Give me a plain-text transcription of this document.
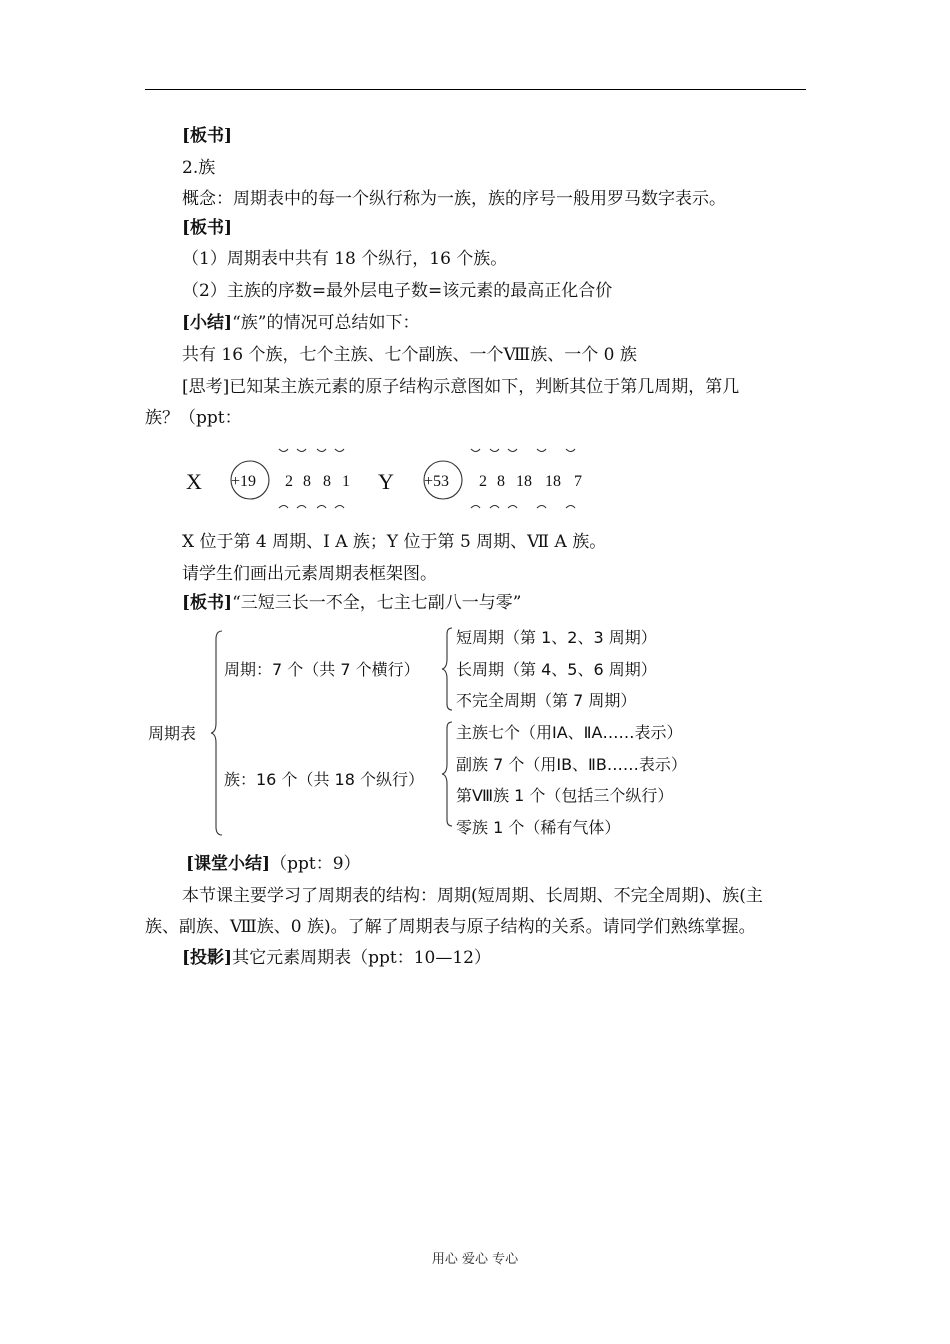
[板书]
2.族
概念：周期表中的每一个纵行称为一族，族的序号一般用罗马数字表示。
[板书]
（1）周期表中共有 18 个纵行，16 个族。
（2）主族的序数=最外层电子数=该元素的最高正化合价
[小结]“族”的情况可总结如下：
共有 16 个族，七个主族、七个副族、一个Ⅷ族、一个 0 族
[思考]已知某主族元素的原子结构示意图如下，判断其位于第几周期，第几
族？（ppt：
X +19 2 8 8 1 Y +53 2 8 18 18 7
周期表
周期：7 个（共 7 个横行）
短周期（第 1、2、3 周期）
长周期（第 4、5、6 周期）
不完全周期（第 7 周期）
族：16 个（共 18 个纵行）
主族七个（用ⅠA、ⅡA……表示）
副族 7 个（用ⅠB、ⅡB……表示）
第Ⅷ族 1 个（包括三个纵行）
零族 1 个（稀有气体）
X 位于第 4 周期、Ⅰ A 族；Y 位于第 5 周期、Ⅶ A 族。
请学生们画出元素周期表框架图。
[板书]“三短三长一不全，七主七副八一与零”
[课堂小结]（ppt：9）
本节课主要学习了周期表的结构：周期(短周期、长周期、不完全周期)、族(主
族、副族、Ⅷ族、0 族)。了解了周期表与原子结构的关系。请同学们熟练掌握。
[投影]其它元素周期表（ppt：10—12）
用心 爱心 专心
